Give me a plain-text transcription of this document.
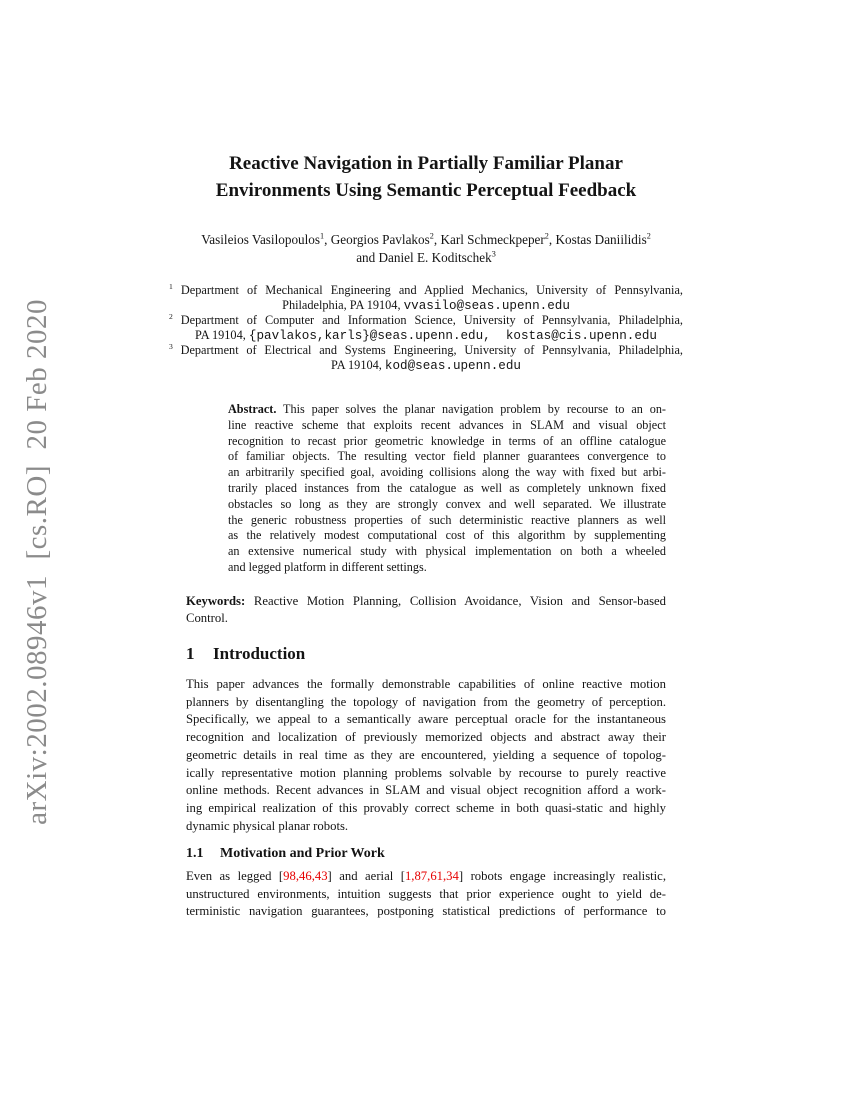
arXiv:2002.08946v1  [cs.RO]  20 Feb 2020
Reactive Navigation in Partially Familiar Planar
Environments Using Semantic Perceptual Feedback
Vasileios Vasilopoulos$^1$, Georgios Pavlakos$^2$, Karl Schmeckpeper$^2$, Kostas Daniilidis$^2$
and Daniel E. Koditschek$^3$
$^1$ Department of Mechanical Engineering and Applied Mechanics, University of Pennsylvania,
Philadelphia, PA 19104, vvasilo@seas.upenn.edu
$^2$ Department of Computer and Information Science, University of Pennsylvania, Philadelphia,
PA 19104, {pavlakos,karls}@seas.upenn.edu,  kostas@cis.upenn.edu
$^3$ Department of Electrical and Systems Engineering, University of Pennsylvania, Philadelphia,
PA 19104, kod@seas.upenn.edu
Abstract. This paper solves the planar navigation problem by recourse to an on-
line reactive scheme that exploits recent advances in SLAM and visual object
recognition to recast prior geometric knowledge in terms of an offline catalogue
of familiar objects. The resulting vector field planner guarantees convergence to
an arbitrarily specified goal, avoiding collisions along the way with fixed but arbi-
trarily placed instances from the catalogue as well as completely unknown fixed
obstacles so long as they are strongly convex and well separated. We illustrate
the generic robustness properties of such deterministic reactive planners as well
as the relatively modest computational cost of this algorithm by supplementing
an extensive numerical study with physical implementation on both a wheeled
and legged platform in different settings.
Keywords: Reactive Motion Planning, Collision Avoidance, Vision and Sensor-based
Control.
1 Introduction
This paper advances the formally demonstrable capabilities of online reactive motion
planners by disentangling the topology of navigation from the geometry of perception.
Specifically, we appeal to a semantically aware perceptual oracle for the instantaneous
recognition and localization of previously memorized objects and abstract away their
geometric details in real time as they are encountered, yielding a sequence of topolog-
ically representative motion planning problems solvable by recourse to purely reactive
online methods. Recent advances in SLAM and visual object recognition afford a work-
ing empirical realization of this provably correct scheme in both quasi-static and highly
dynamic physical planar robots.
1.1 Motivation and Prior Work
Even as legged [98,46,43] and aerial [1,87,61,34] robots engage increasingly realistic,
unstructured environments, intuition suggests that prior experience ought to yield de-
terministic navigation guarantees, postponing statistical predictions of performance to
